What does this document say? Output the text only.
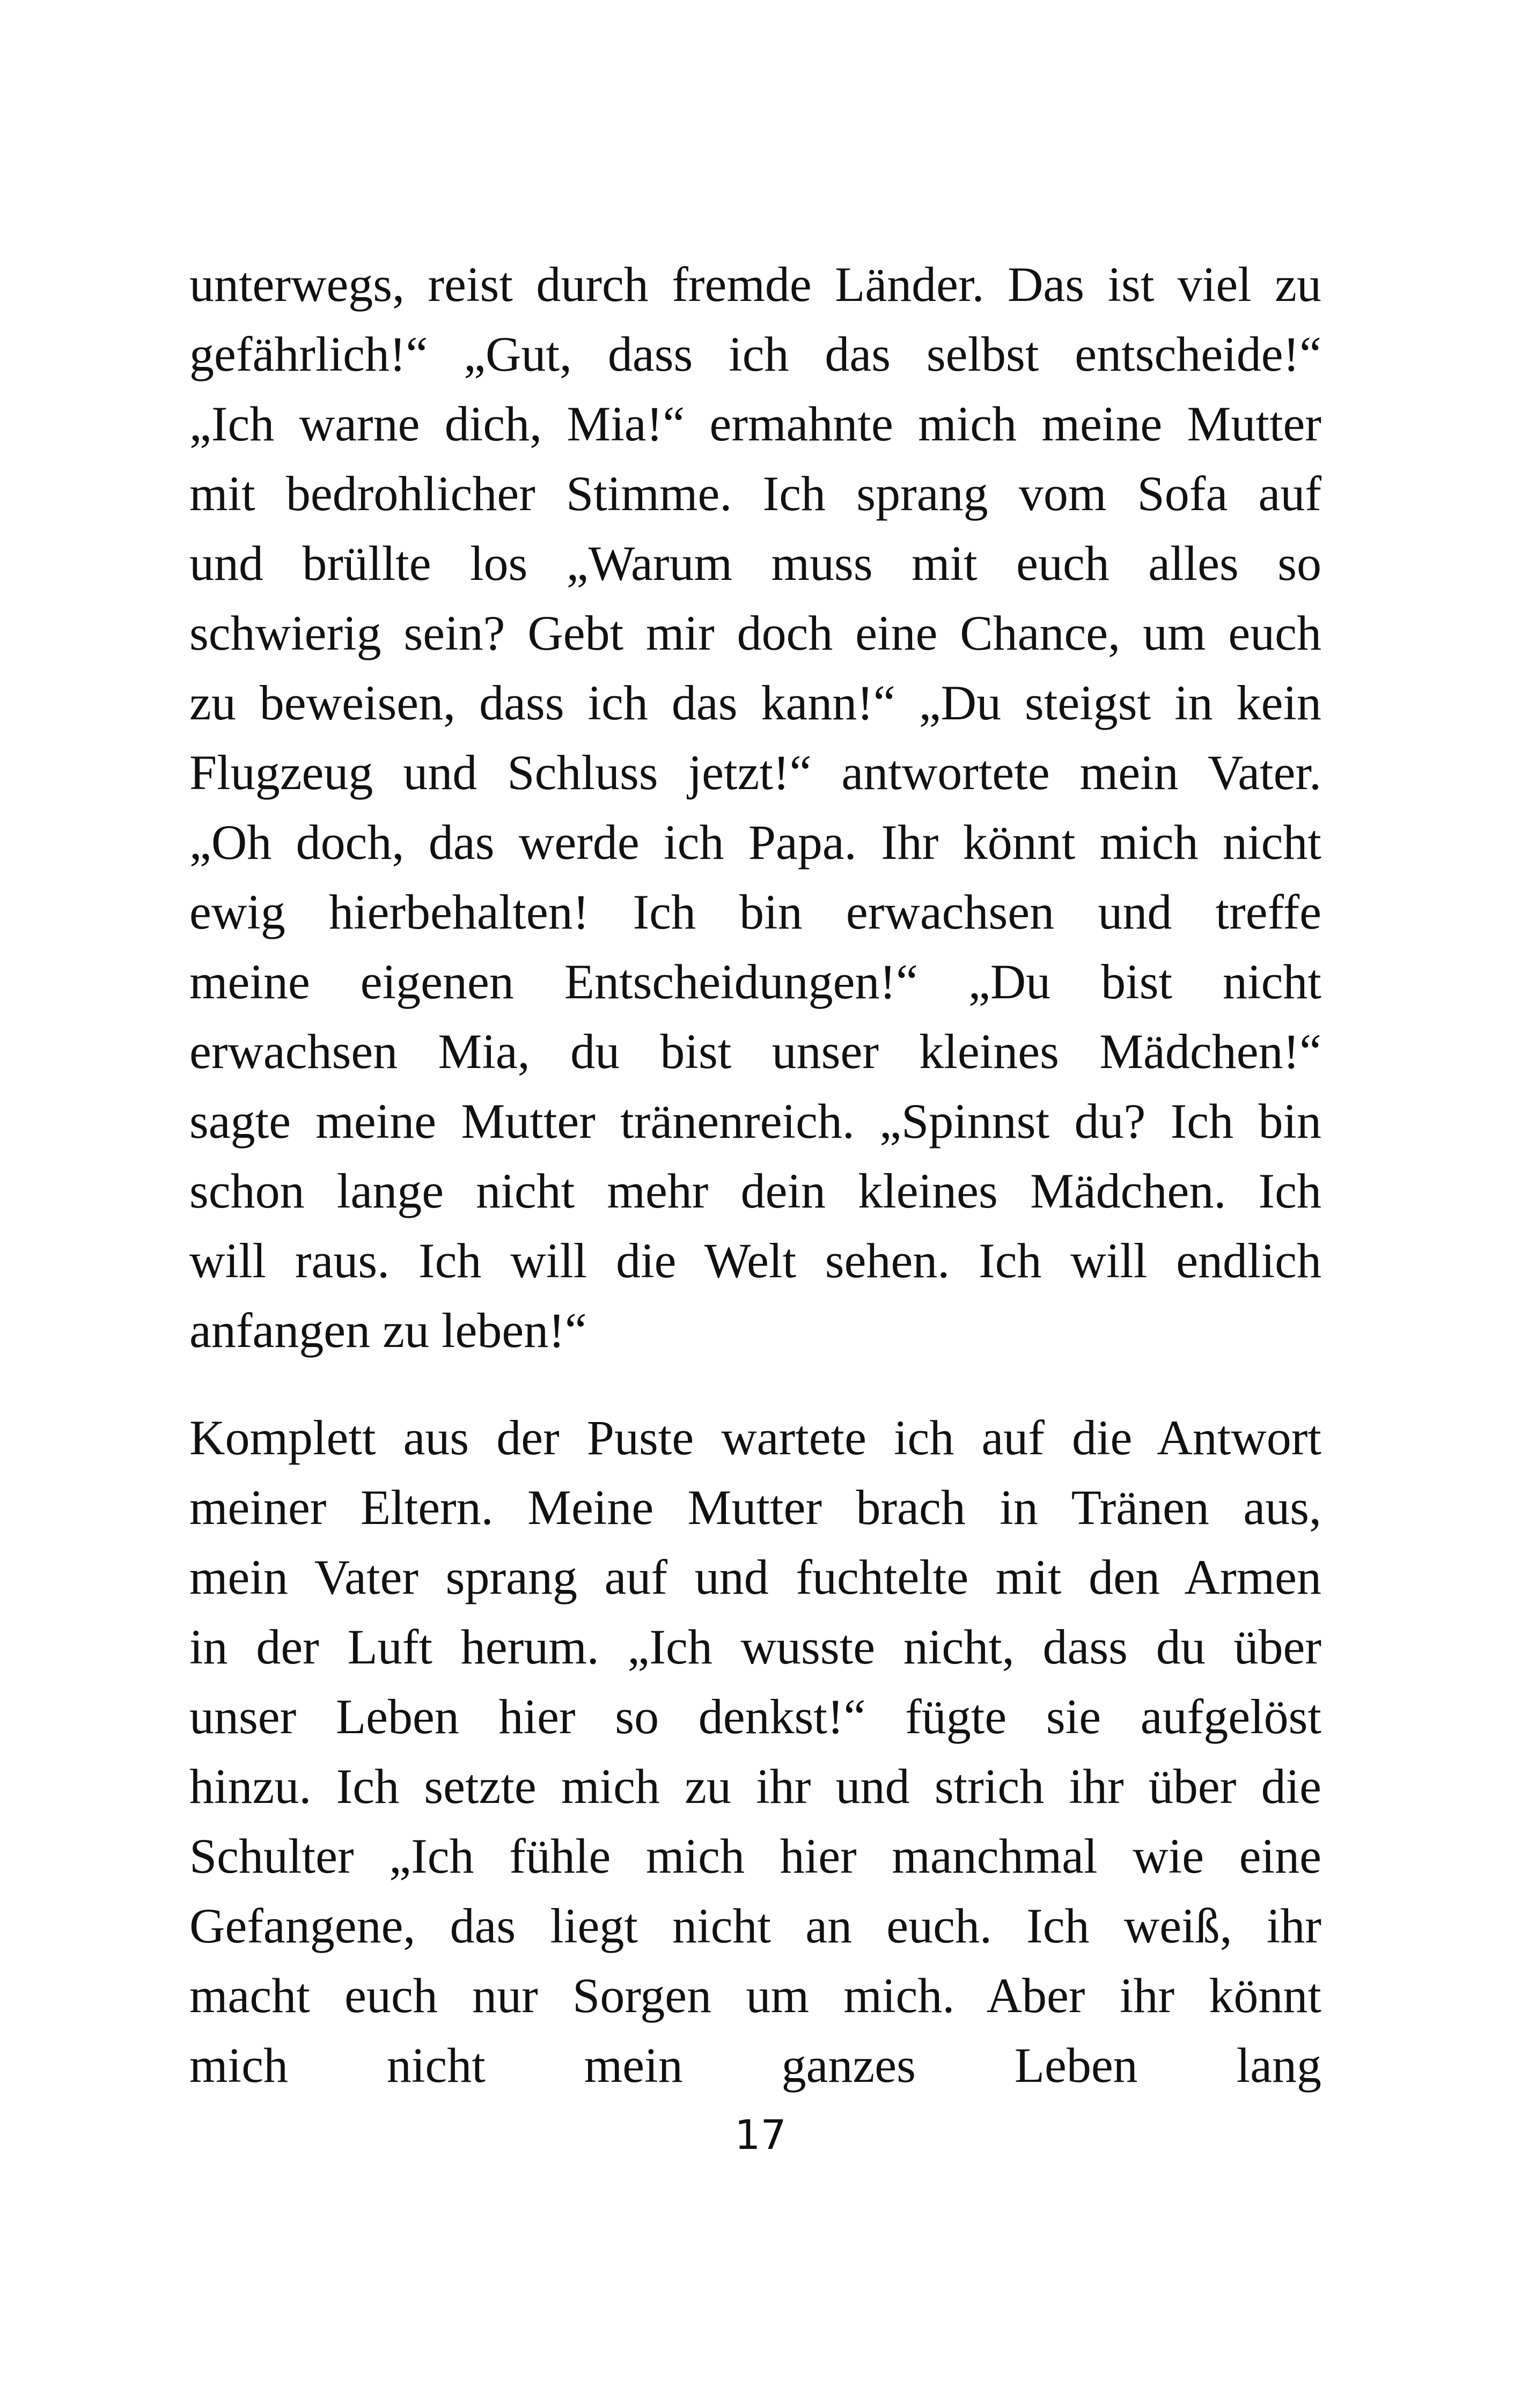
unterwegs, reist durch fremde Länder. Das ist viel zu
gefährlich!“ „Gut, dass ich das selbst entscheide!“
„Ich warne dich, Mia!“ ermahnte mich meine Mutter
mit bedrohlicher Stimme. Ich sprang vom Sofa auf
und brüllte los „Warum muss mit euch alles so
schwierig sein? Gebt mir doch eine Chance, um euch
zu beweisen, dass ich das kann!“ „Du steigst in kein
Flugzeug und Schluss jetzt!“ antwortete mein Vater.
„Oh doch, das werde ich Papa. Ihr könnt mich nicht
ewig hierbehalten! Ich bin erwachsen und treffe
meine eigenen Entscheidungen!“ „Du bist nicht
erwachsen Mia, du bist unser kleines Mädchen!“
sagte meine Mutter tränenreich. „Spinnst du? Ich bin
schon lange nicht mehr dein kleines Mädchen. Ich
will raus. Ich will die Welt sehen. Ich will endlich
anfangen zu leben!“
Komplett aus der Puste wartete ich auf die Antwort
meiner Eltern. Meine Mutter brach in Tränen aus,
mein Vater sprang auf und fuchtelte mit den Armen
in der Luft herum. „Ich wusste nicht, dass du über
unser Leben hier so denkst!“ fügte sie aufgelöst
hinzu. Ich setzte mich zu ihr und strich ihr über die
Schulter „Ich fühle mich hier manchmal wie eine
Gefangene, das liegt nicht an euch. Ich weiß, ihr
macht euch nur Sorgen um mich. Aber ihr könnt
mich nicht mein ganzes Leben lang
17
